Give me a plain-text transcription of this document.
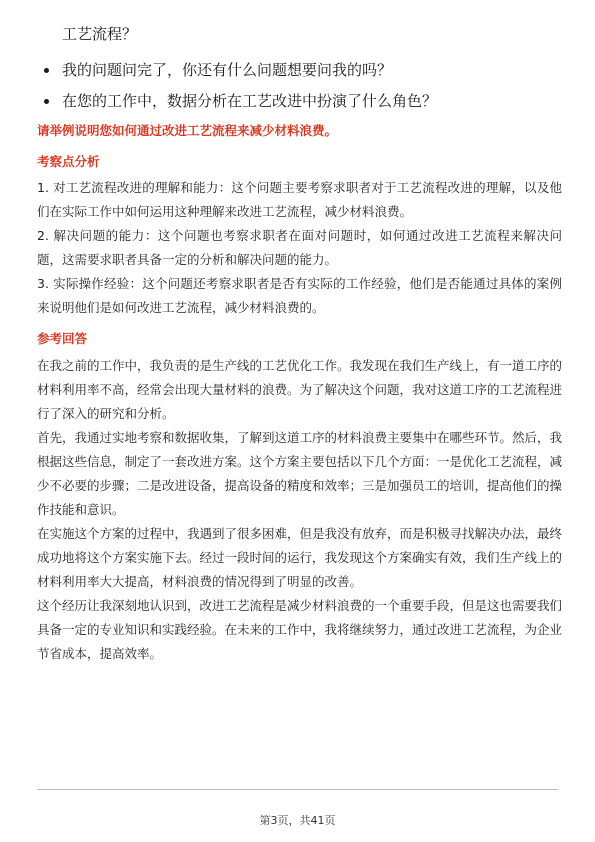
工艺流程？
我的问题问完了，你还有什么问题想要问我的吗？
在您的工作中，数据分析在工艺改进中扮演了什么角色？
请举例说明您如何通过改进工艺流程来减少材料浪费。
考察点分析

1. 对工艺流程改进的理解和能力：这个问题主要考察求职者对于工艺流程改进的理解，以及他们在实际工作中如何运用这种理解来改进工艺流程，减少材料浪费。

2. 解决问题的能力：这个问题也考察求职者在面对问题时，如何通过改进工艺流程来解决问题，这需要求职者具备一定的分析和解决问题的能力。

3. 实际操作经验：这个问题还考察求职者是否有实际的工作经验，他们是否能通过具体的案例来说明他们是如何改进工艺流程，减少材料浪费的。

参考回答

在我之前的工作中，我负责的是生产线的工艺优化工作。我发现在我们生产线上，有一道工序的材料利用率不高，经常会出现大量材料的浪费。为了解决这个问题，我对这道工序的工艺流程进行了深入的研究和分析。

首先，我通过实地考察和数据收集，了解到这道工序的材料浪费主要集中在哪些环节。然后，我根据这些信息，制定了一套改进方案。这个方案主要包括以下几个方面：一是优化工艺流程，减少不必要的步骤；二是改进设备，提高设备的精度和效率；三是加强员工的培训，提高他们的操作技能和意识。

在实施这个方案的过程中，我遇到了很多困难，但是我没有放弃，而是积极寻找解决办法，最终成功地将这个方案实施下去。经过一段时间的运行，我发现这个方案确实有效，我们生产线上的材料利用率大大提高，材料浪费的情况得到了明显的改善。

这个经历让我深刻地认识到，改进工艺流程是减少材料浪费的一个重要手段，但是这也需要我们具备一定的专业知识和实践经验。在未来的工作中，我将继续努力，通过改进工艺流程，为企业节省成本，提高效率。

第3页，共41页
